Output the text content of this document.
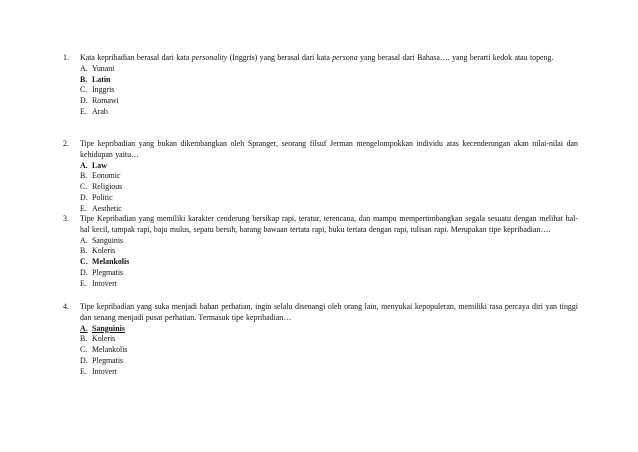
1.	Kata kepribadian berasal dari kata personality (Inggris) yang berasal dari kata persona yang berasal dari Bahasa…. yang berarti kedok atau topeng.
A. Yunani
B. Latin
C. Inggris
D. Romawi
E. Arab
2.	Tipe kepribadian yang bukan dikembangkan oleh Spranger, seorang filsuf Jerman mengelompokkan individu atas kecenderungan akan nilai-nilai dan kehidupan yaitu…
A. Law
B. Eonomic
C. Religious
D. Politic
E. Aesthetic
3.	Tipe Kepribadian yang memiliki karakter cenderung bersikap rapi, teratur, terencana, dan mampu mempertimbangkan segala sesuatu dengan melihat hal- hal kecil, tampak rapi, baju mulus, sepatu bersih, barang bawaan tertata rapi, buku tertata dengan rapi, tulisan rapi. Merupakan tipe kepribadian….
A. Sanguinis
B. Koleris
C. Melankolis
D. Plegmatis
E. Intovert
4.	Tipe kepribadian yang suka menjadi bahan perhatian, ingin selalu disenangi oleh orang lain, menyukai kepopuleran, memiliki rasa percaya diri yan tinggi dan senang menjadi pusat perhatian. Termasuk tipe kepribadian…
A. Sanguinis
B. Koleris
C. Melankolis
D. Plegmatis
E. Intovert
